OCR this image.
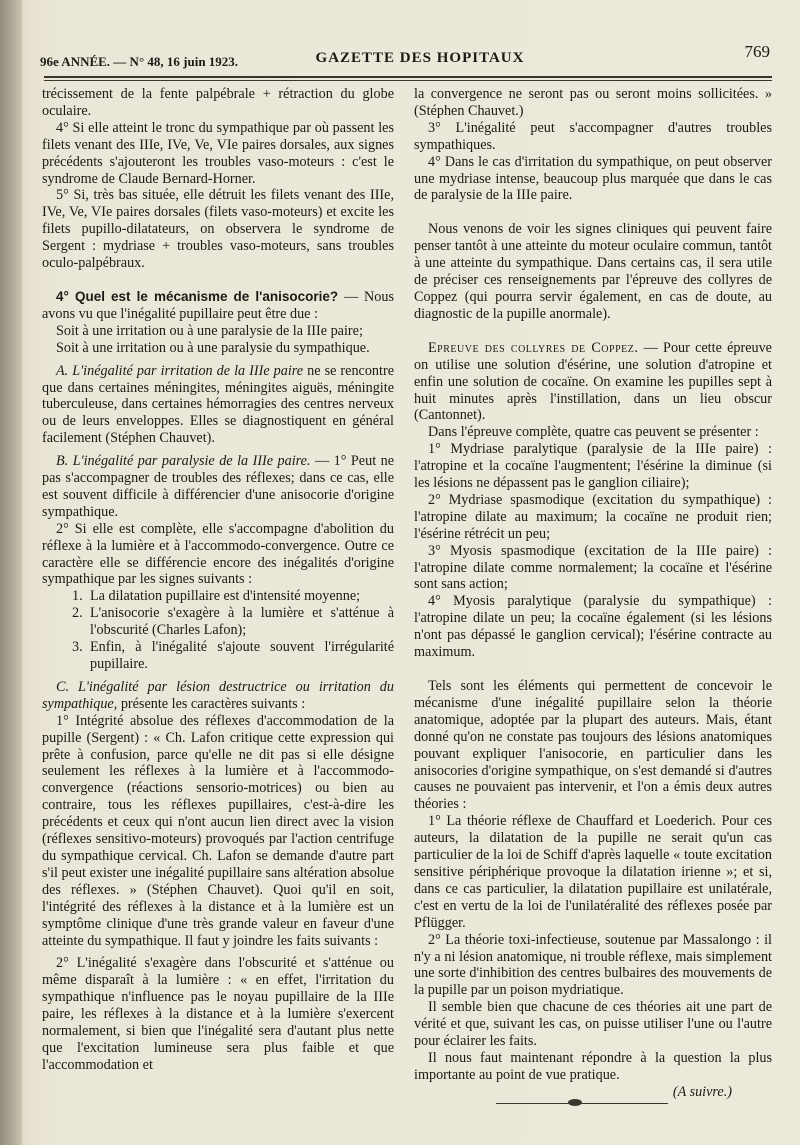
96e ANNÉE. — N° 48, 16 juin 1923.	GAZETTE DES HOPITAUX	769

trécissement de la fente palpébrale + rétraction du globe oculaire.

4° Si elle atteint le tronc du sympathique par où passent les filets venant des IIIe, IVe, Ve, VIe paires dorsales, aux signes précédents s'ajouteront les troubles vaso-moteurs : c'est le syndrome de Claude Bernard-Horner.

5° Si, très bas située, elle détruit les filets venant des IIIe, IVe, Ve, VIe paires dorsales (filets vaso-moteurs) et excite les filets pupillo-dilatateurs, on observera le syndrome de Sergent : mydriase + troubles vaso-moteurs, sans troubles oculo-palpébraux.

4° Quel est le mécanisme de l'anisocorie? — Nous avons vu que l'inégalité pupillaire peut être due :

Soit à une irritation ou à une paralysie de la IIIe paire;

Soit à une irritation ou à une paralysie du sympathique.

A. L'inégalité par irritation de la IIIe paire ne se rencontre que dans certaines méningites, méningites aiguës, méningite tuberculeuse, dans certaines hémorragies des centres nerveux ou de leurs enveloppes. Elles se diagnostiquent en général facilement (Stéphen Chauvet).

B. L'inégalité par paralysie de la IIIe paire. — 1° Peut ne pas s'accompagner de troubles des réflexes; dans ce cas, elle est souvent difficile à différencier d'une anisocorie d'origine sympathique.

2° Si elle est complète, elle s'accompagne d'abolition du réflexe à la lumière et à l'accommodo-convergence. Outre ce caractère elle se différencie encore des inégalités d'origine sympathique par les signes suivants :

1. La dilatation pupillaire est d'intensité moyenne;

2. L'anisocorie s'exagère à la lumière et s'atténue à l'obscurité (Charles Lafon);

3. Enfin, à l'inégalité s'ajoute souvent l'irrégularité pupillaire.

C. L'inégalité par lésion destructrice ou irritation du sympathique, présente les caractères suivants :

1° Intégrité absolue des réflexes d'accommodation de la pupille (Sergent) : « Ch. Lafon critique cette expression qui prête à confusion, parce qu'elle ne dit pas si elle désigne seulement les réflexes à la lumière et à l'accommodo-convergence (réactions sensorio-motrices) ou bien au contraire, tous les réflexes pupillaires, c'est-à-dire les précédents et ceux qui n'ont aucun lien direct avec la vision (réflexes sensitivo-moteurs) provoqués par l'action centrifuge du sympathique cervical. Ch. Lafon se demande d'autre part s'il peut exister une inégalité pupillaire sans altération absolue des réflexes. » (Stéphen Chauvet). Quoi qu'il en soit, l'intégrité des réflexes à la distance et à la lumière est un symptôme clinique d'une très grande valeur en faveur d'une atteinte du sympathique. Il faut y joindre les faits suivants :

2° L'inégalité s'exagère dans l'obscurité et s'atténue ou même disparaît à la lumière : « en effet, l'irritation du sympathique n'influence pas le noyau pupillaire de la IIIe paire, les réflexes à la distance et à la lumière s'exercent normalement, si bien que l'inégalité sera d'autant plus nette que l'excitation lumineuse sera plus faible et que l'accommodation et

la convergence ne seront pas ou seront moins sollicitées. » (Stéphen Chauvet.)

3° L'inégalité peut s'accompagner d'autres troubles sympathiques.

4° Dans le cas d'irritation du sympathique, on peut observer une mydriase intense, beaucoup plus marquée que dans le cas de paralysie de la IIIe paire.

Nous venons de voir les signes cliniques qui peuvent faire penser tantôt à une atteinte du moteur oculaire commun, tantôt à une atteinte du sympathique. Dans certains cas, il sera utile de préciser ces renseignements par l'épreuve des collyres de Coppez (qui pourra servir également, en cas de doute, au diagnostic de la pupille anormale).

Epreuve des collyres de Coppez. — Pour cette épreuve on utilise une solution d'ésérine, une solution d'atropine et enfin une solution de cocaïne. On examine les pupilles sept à huit minutes après l'instillation, dans un lieu obscur (Cantonnet).

Dans l'épreuve complète, quatre cas peuvent se présenter :

1° Mydriase paralytique (paralysie de la IIIe paire) : l'atropine et la cocaïne l'augmentent; l'ésérine la diminue (si les lésions ne dépassent pas le ganglion ciliaire);

2° Mydriase spasmodique (excitation du sympathique) : l'atropine dilate au maximum; la cocaïne ne produit rien; l'ésérine rétrécit un peu;

3° Myosis spasmodique (excitation de la IIIe paire) : l'atropine dilate comme normalement; la cocaïne et l'ésérine sont sans action;

4° Myosis paralytique (paralysie du sympathique) : l'atropine dilate un peu; la cocaïne également (si les lésions n'ont pas dépassé le ganglion cervical); l'ésérine contracte au maximum.

Tels sont les éléments qui permettent de concevoir le mécanisme d'une inégalité pupillaire selon la théorie anatomique, adoptée par la plupart des auteurs. Mais, étant donné qu'on ne constate pas toujours des lésions anatomiques pouvant expliquer l'anisocorie, en particulier dans les anisocories d'origine sympathique, on s'est demandé si d'autres causes ne pouvaient pas intervenir, et l'on a émis deux autres théories :

1° La théorie réflexe de Chauffard et Loederich. Pour ces auteurs, la dilatation de la pupille ne serait qu'un cas particulier de la loi de Schiff d'après laquelle « toute excitation sensitive périphérique provoque la dilatation irienne »; et si, dans ce cas particulier, la dilatation pupillaire est unilatérale, c'est en vertu de la loi de l'unilatéralité des réflexes posée par Pflügger.

2° La théorie toxi-infectieuse, soutenue par Massalongo : il n'y a ni lésion anatomique, ni trouble réflexe, mais simplement une sorte d'inhibition des centres bulbaires des mouvements de la pupille par un poison mydriatique.

Il semble bien que chacune de ces théories ait une part de vérité et que, suivant les cas, on puisse utiliser l'une ou l'autre pour éclairer les faits.

Il nous faut maintenant répondre à la question la plus importante au point de vue pratique.

(A suivre.)
